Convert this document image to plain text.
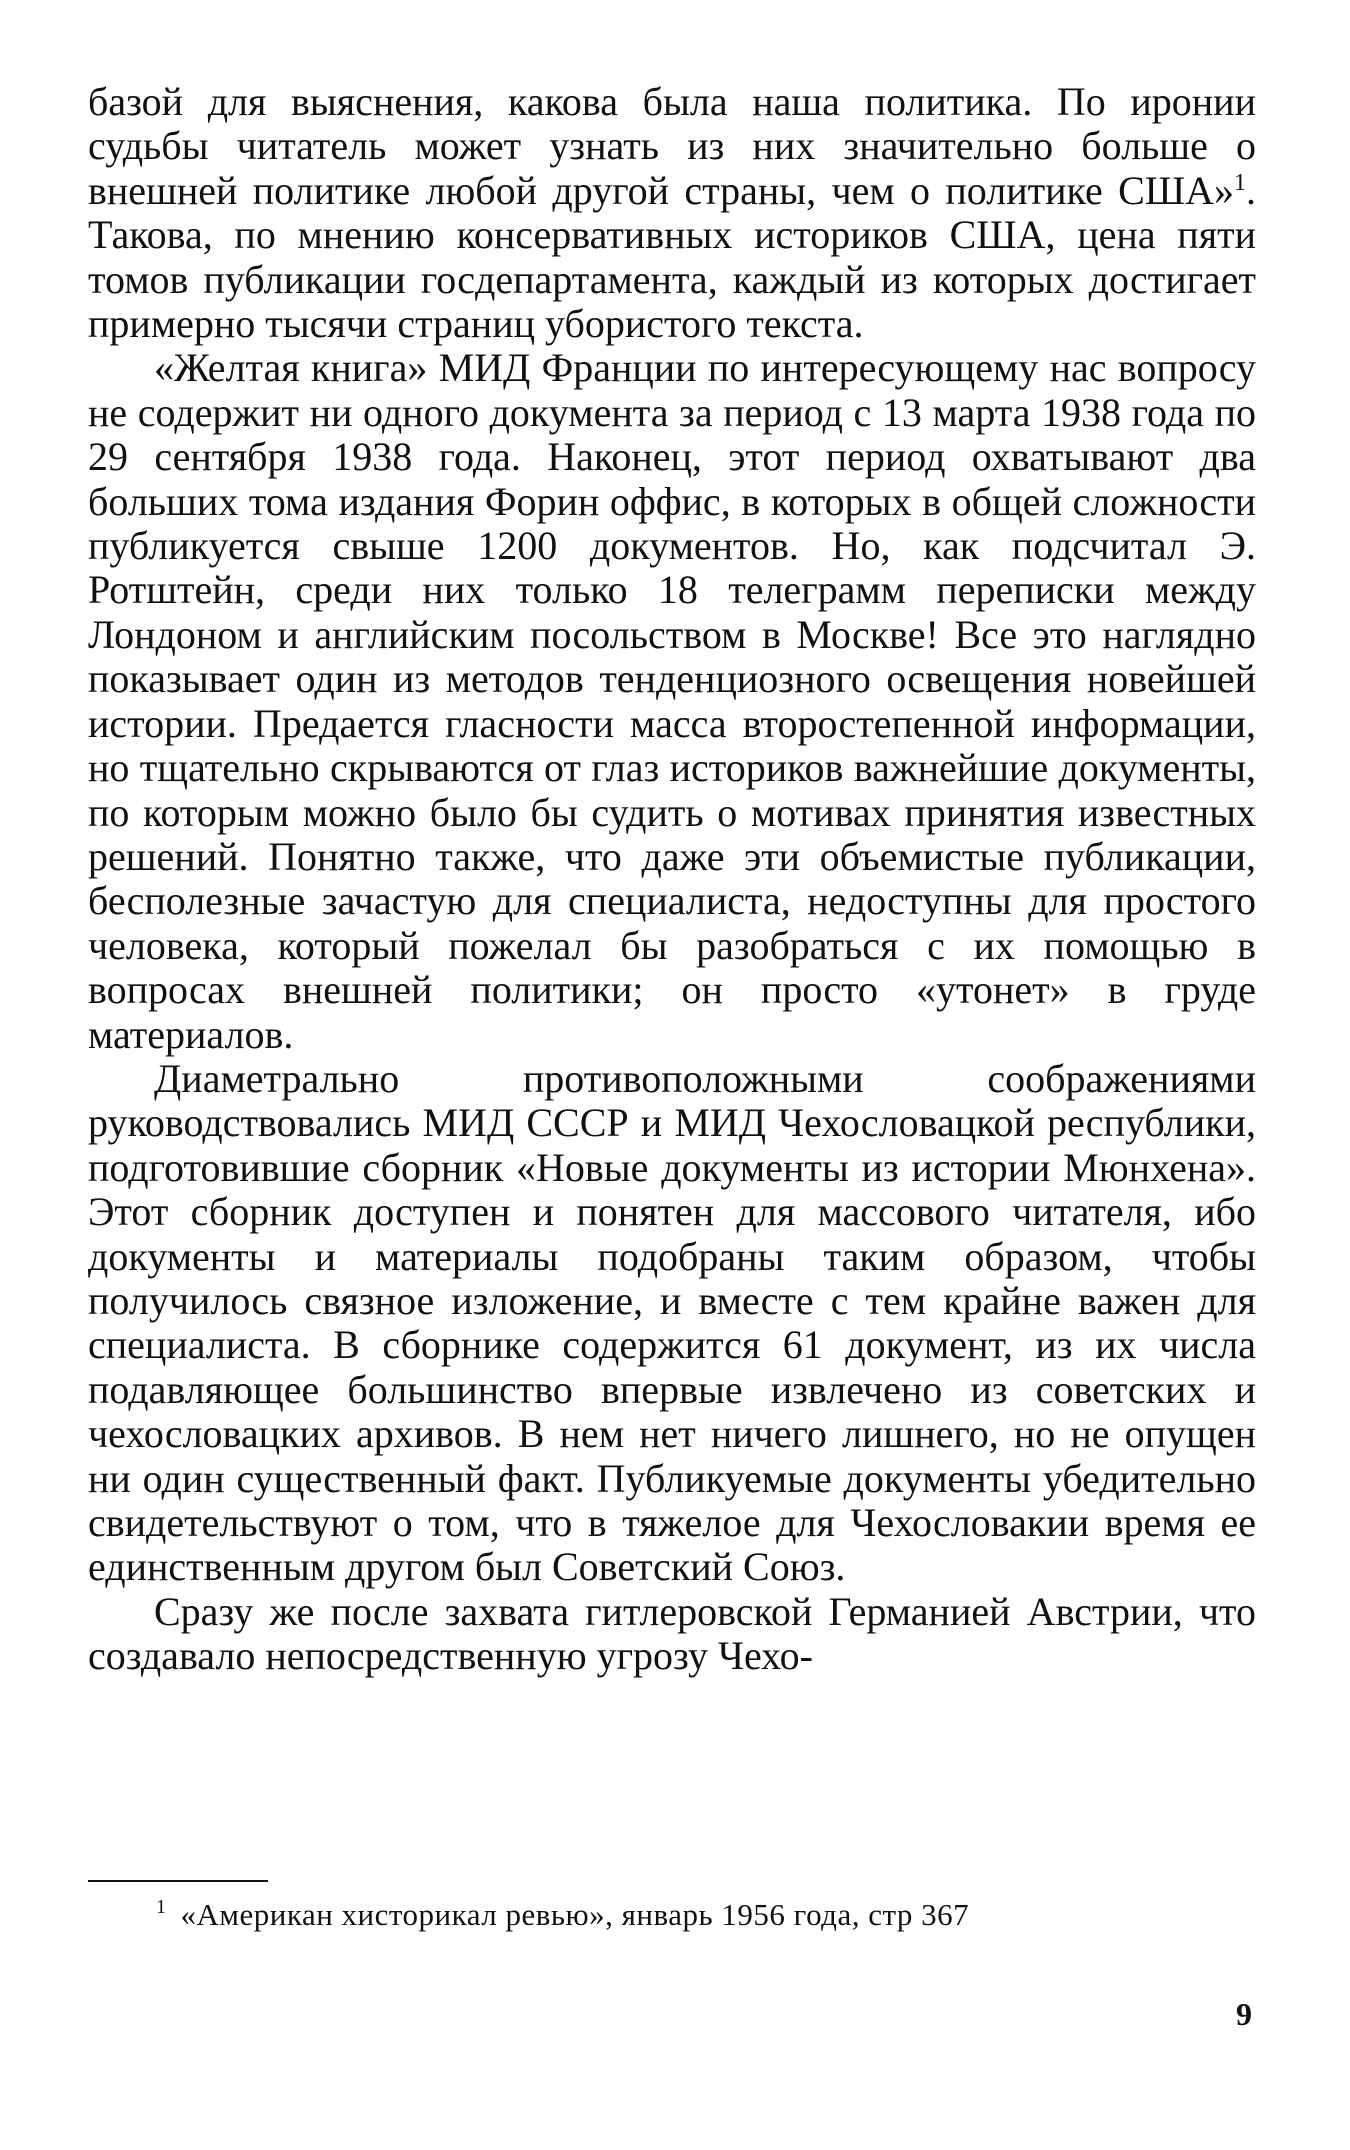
базой для выяснения, какова была наша политика. По иронии судьбы читатель может узнать из них значительно больше о внешней политике любой другой страны, чем о политике США»$^1$. Такова, по мнению консервативных историков США, цена пяти томов публикации госдепартамента, каждый из которых достигает примерно тысячи страниц убористого текста.

«Желтая книга» МИД Франции по интересующему нас вопросу не содержит ни одного документа за период с 13 марта 1938 года по 29 сентября 1938 года. Наконец, этот период охватывают два больших тома издания Форин оффис, в которых в общей сложности публикуется свыше 1200 документов. Но, как подсчитал Э. Ротштейн, среди них только 18 телеграмм переписки между Лондоном и английским посольством в Москве! Все это наглядно показывает один из методов тенденциозного освещения новейшей истории. Предается гласности масса второстепенной информации, но тщательно скрываются от глаз историков важнейшие документы, по которым можно было бы судить о мотивах принятия известных решений. Понятно также, что даже эти объемистые публикации, бесполезные зачастую для специалиста, недоступны для простого человека, который пожелал бы разобраться с их помощью в вопросах внешней политики; он просто «утонет» в груде материалов.

Диаметрально противоположными соображениями руководствовались МИД СССР и МИД Чехословацкой республики, подготовившие сборник «Новые документы из истории Мюнхена». Этот сборник доступен и понятен для массового читателя, ибо документы и материалы подобраны таким образом, чтобы получилось связное изложение, и вместе с тем крайне важен для специалиста. В сборнике содержится 61 документ, из их числа подавляющее большинство впервые извлечено из советских и чехословацких архивов. В нем нет ничего лишнего, но не опущен ни один существенный факт. Публикуемые документы убедительно свидетельствуют о том, что в тяжелое для Чехословакии время ее единственным другом был Советский Союз.

Сразу же после захвата гитлеровской Германией Австрии, что создавало непосредственную угрозу Чехо-

$^1$ «Американ хисторикал ревью», январь 1956 года, стр 367
9
